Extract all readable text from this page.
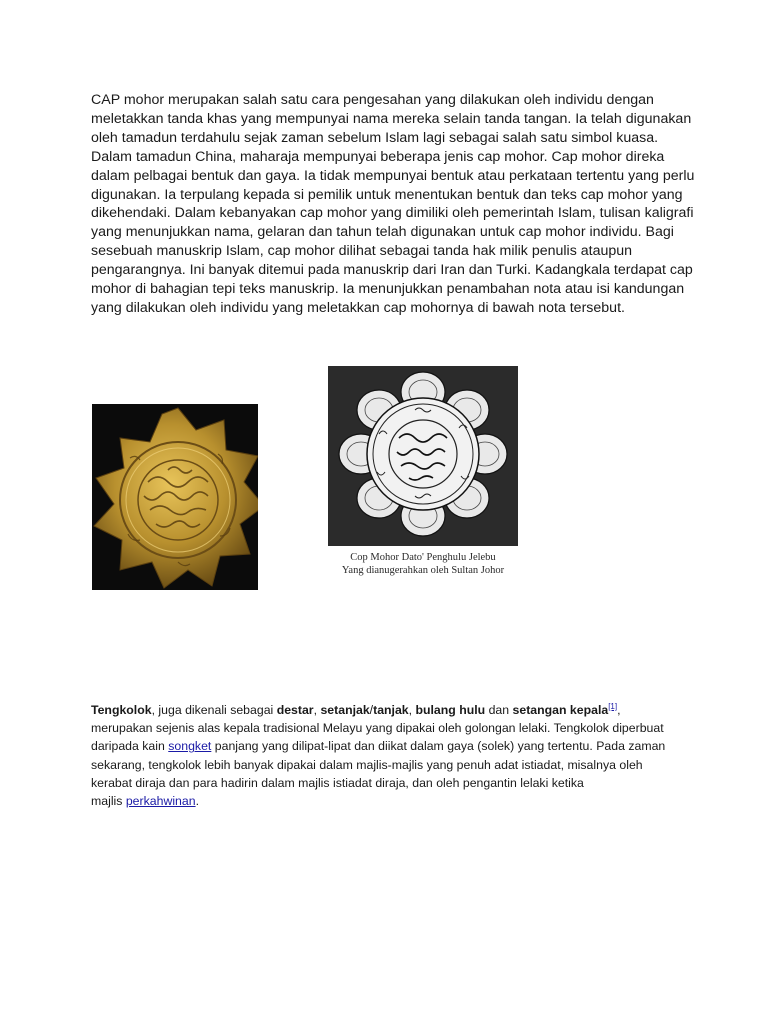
CAP mohor merupakan salah satu cara pengesahan yang dilakukan oleh individu dengan
meletakkan tanda khas yang mempunyai nama mereka selain tanda tangan. Ia telah digunakan
oleh tamadun terdahulu sejak zaman sebelum Islam lagi sebagai salah satu simbol kuasa.
Dalam tamadun China, maharaja mempunyai beberapa jenis cap mohor. Cap mohor direka
dalam pelbagai bentuk dan gaya. Ia tidak mempunyai bentuk atau perkataan tertentu yang perlu
digunakan. Ia terpulang kepada si pemilik untuk menentukan bentuk dan teks cap mohor yang
dikehendaki. Dalam kebanyakan cap mohor yang dimiliki oleh pemerintah Islam, tulisan kaligrafi
yang menunjukkan nama, gelaran dan tahun telah digunakan untuk cap mohor individu. Bagi
sesebuah manuskrip Islam, cap mohor dilihat sebagai tanda hak milik penulis ataupun
pengarangnya. Ini banyak ditemui pada manuskrip dari Iran dan Turki. Kadangkala terdapat cap
mohor di bahagian tepi teks manuskrip. Ia menunjukkan penambahan nota atau isi kandungan
yang dilakukan oleh individu yang meletakkan cap mohornya di bawah nota tersebut.
Cop Mohor Dato' Penghulu Jelebu
Yang dianugerahkan oleh Sultan Johor
Tengkolok, juga dikenali sebagai destar, setanjak/tanjak, bulang hulu dan setangan kepala[1],
merupakan sejenis alas kepala tradisional Melayu yang dipakai oleh golongan lelaki. Tengkolok diperbuat
daripada kain songket panjang yang dilipat-lipat dan diikat dalam gaya (solek) yang tertentu. Pada zaman
sekarang, tengkolok lebih banyak dipakai dalam majlis-majlis yang penuh adat istiadat, misalnya oleh
kerabat diraja dan para hadirin dalam majlis istiadat diraja, dan oleh pengantin lelaki ketika
majlis perkahwinan.
